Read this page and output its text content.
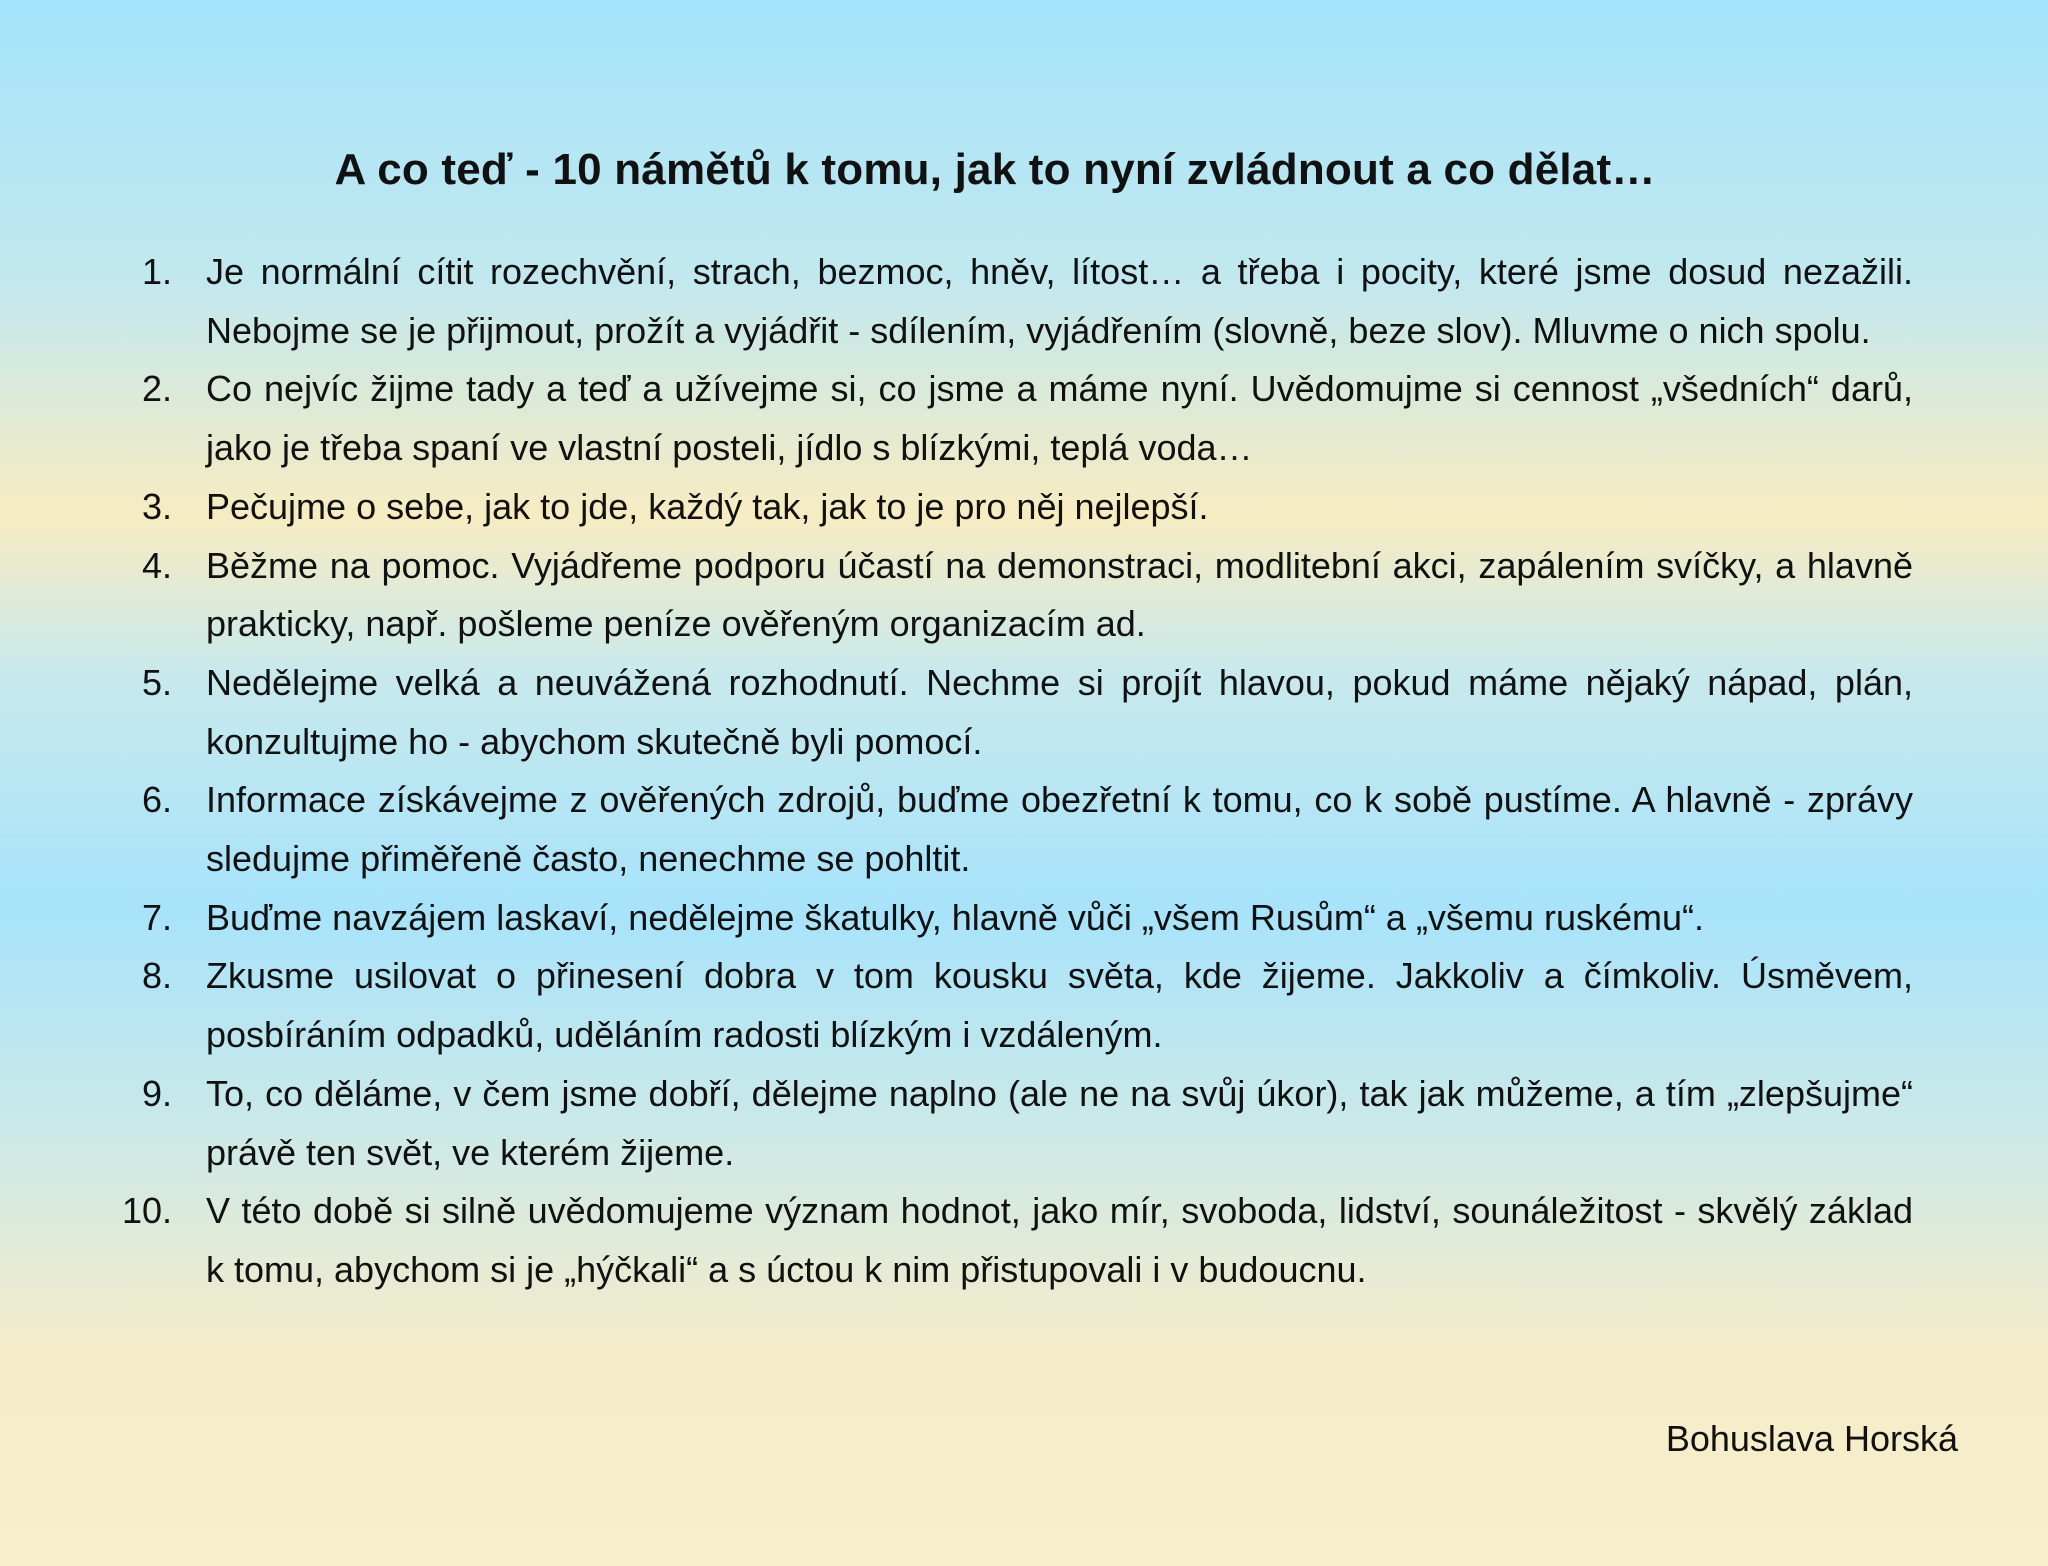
A co teď - 10 námětů k tomu, jak to nyní zvládnout a co dělat…
1. Je normální cítit rozechvění, strach, bezmoc, hněv, lítost… a třeba i pocity, které jsme dosud nezažili. Nebojme se je přijmout, prožít a vyjádřit - sdílením, vyjádřením (slovně, beze slov). Mluvme o nich spolu.
2. Co nejvíc žijme tady a teď a užívejme si, co jsme a máme nyní. Uvědomujme si cennost „všedních“ darů, jako je třeba spaní ve vlastní posteli, jídlo s blízkými, teplá voda…
3. Pečujme o sebe, jak to jde, každý tak, jak to je pro něj nejlepší.
4. Běžme na pomoc. Vyjádřeme podporu účastí na demonstraci, modlitební akci, zapálením svíčky, a hlavně prakticky, např. pošleme peníze ověřeným organizacím ad.
5. Nedělejme velká a neuvážená rozhodnutí. Nechme si projít hlavou, pokud máme nějaký nápad, plán, konzultujme ho - abychom skutečně byli pomocí.
6. Informace získávejme z ověřených zdrojů, buďme obezřetní k tomu, co k sobě pustíme. A hlavně - zprávy sledujme přiměřeně často, nenechme se pohltit.
7. Buďme navzájem laskaví, nedělejme škatulky, hlavně vůči „všem Rusům“ a „všemu ruskému“.
8. Zkusme usilovat o přinesení dobra v tom kousku světa, kde žijeme. Jakkoliv a čímkoliv. Úsměvem, posbíráním odpadků, uděláním radosti blízkým i vzdáleným.
9. To, co děláme, v čem jsme dobří, dělejme naplno (ale ne na svůj úkor), tak jak můžeme, a tím „zlepšujme“ právě ten svět, ve kterém žijeme.
10. V této době si silně uvědomujeme význam hodnot, jako mír, svoboda, lidství, sounáležitost - skvělý základ k tomu, abychom si je „hýčkali“ a s úctou k nim přistupovali i v budoucnu.
Bohuslava Horská
